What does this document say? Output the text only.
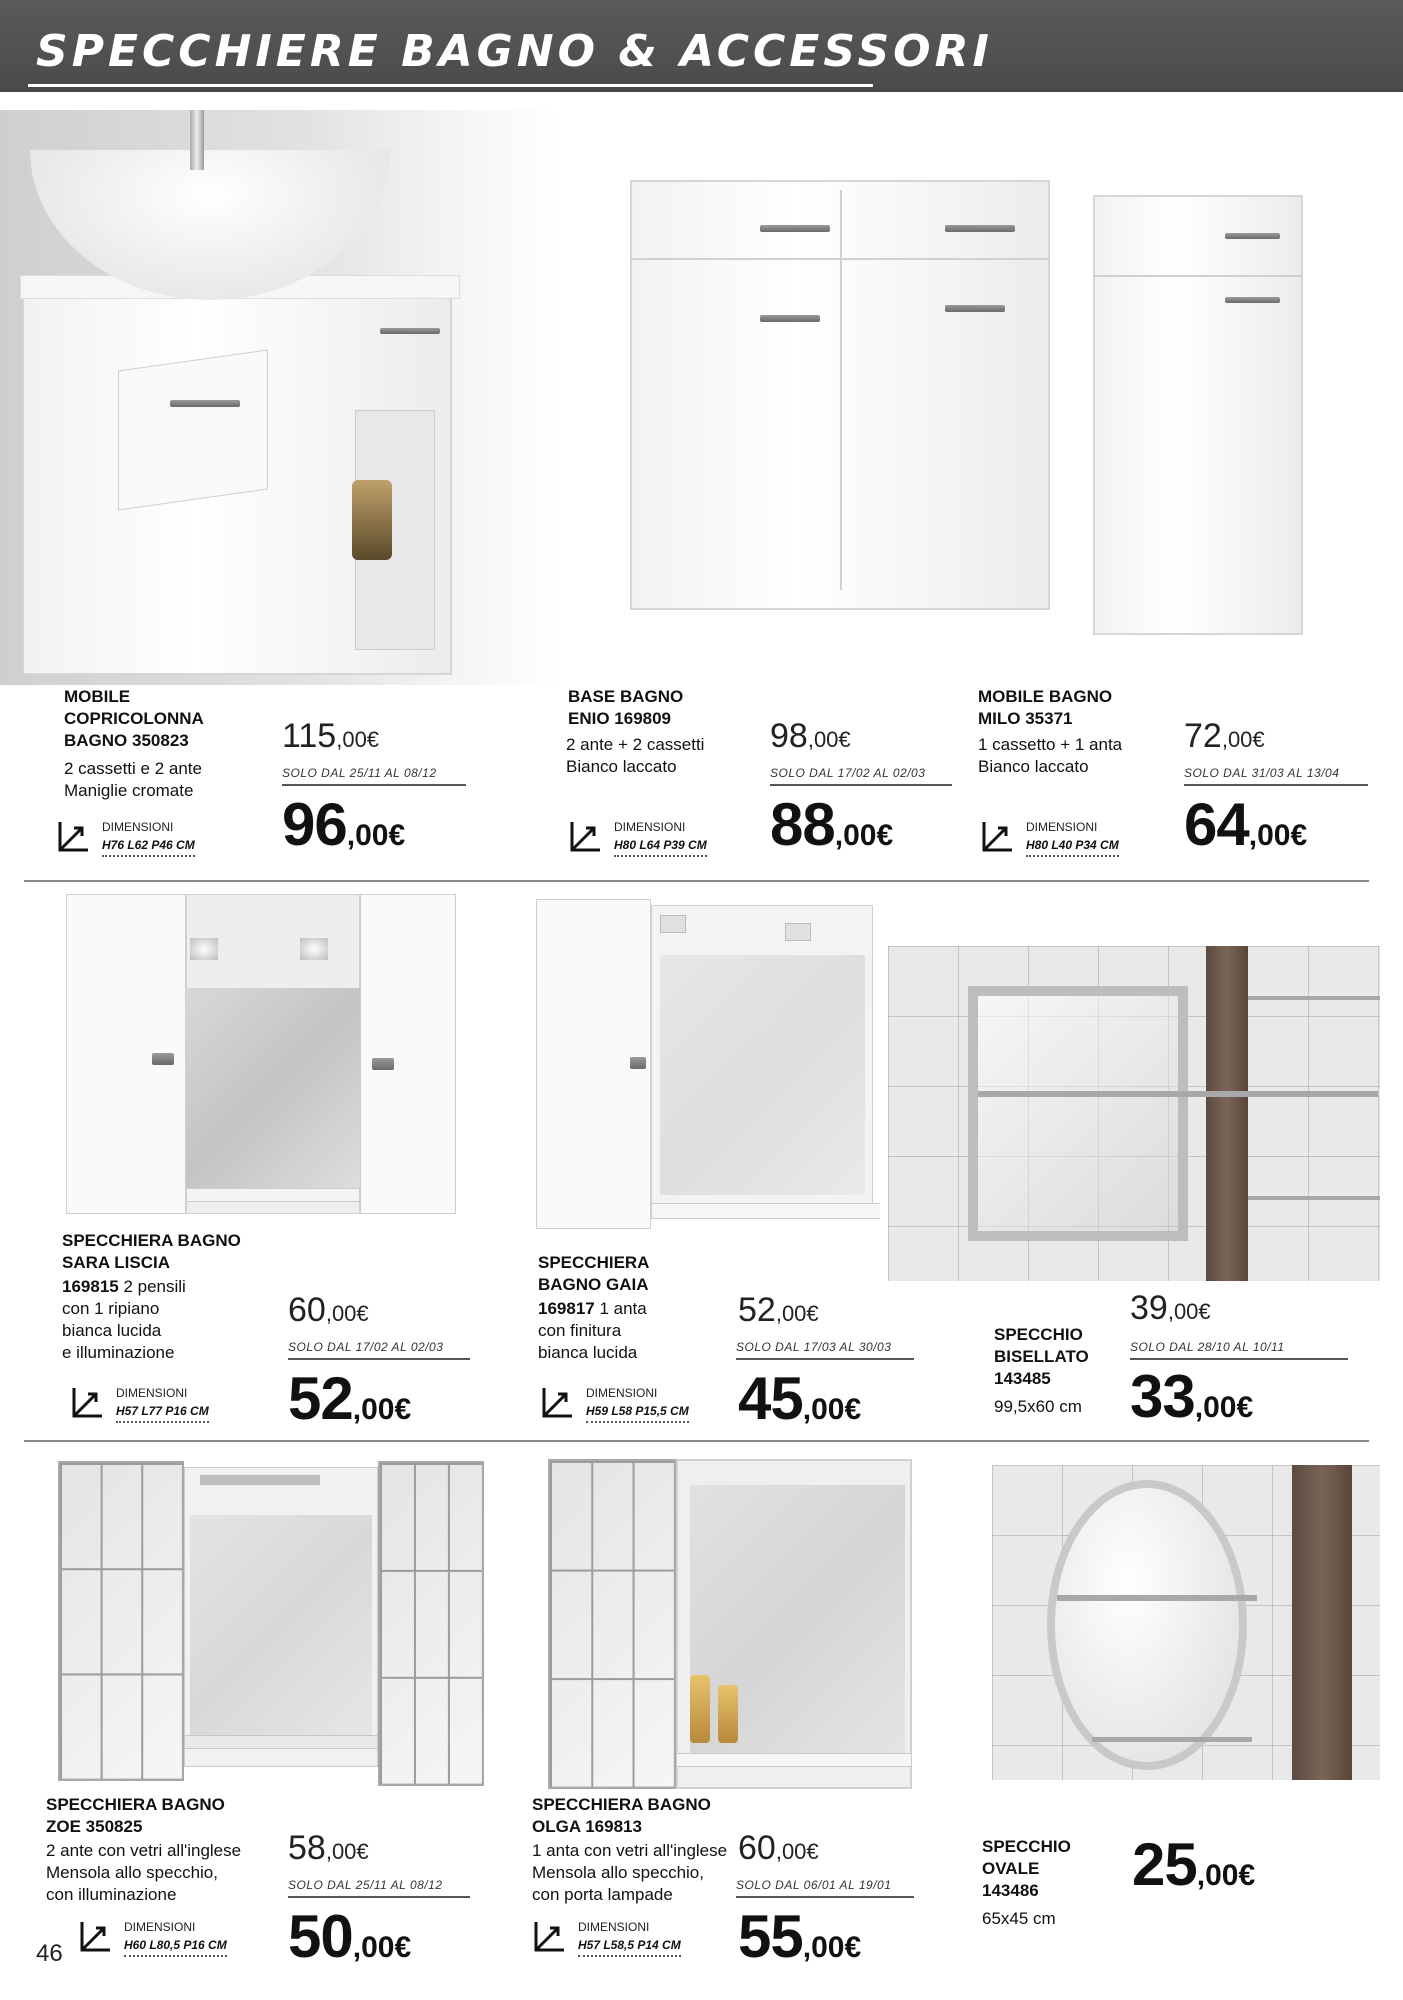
SPECCHIERE BAGNO & ACCESSORI
MOBILE
COPRICOLONNA
BAGNO 350823
2 cassetti e 2 ante
Maniglie cromate
DIMENSIONI
H76 L62 P46 CM
115,00€
SOLO DAL 25/11 AL 08/12
96,00€
BASE BAGNO
ENIO 169809
2 ante + 2 cassetti
Bianco laccato
DIMENSIONI
H80 L64 P39 CM
98,00€
SOLO DAL 17/02 AL 02/03
88,00€
MOBILE BAGNO
MILO 35371
1 cassetto + 1 anta
Bianco laccato
DIMENSIONI
H80 L40 P34 CM
72,00€
SOLO DAL 31/03 AL 13/04
64,00€
SPECCHIERA BAGNO
SARA LISCIA
169815 2 pensili
con 1 ripiano
bianca lucida
e illuminazione
DIMENSIONI
H57 L77 P16 CM
60,00€
SOLO DAL 17/02 AL 02/03
52,00€
SPECCHIERA
BAGNO GAIA
169817 1 anta
con finitura
bianca lucida
DIMENSIONI
H59 L58 P15,5 CM
52,00€
SOLO DAL 17/03 AL 30/03
45,00€
SPECCHIO
BISELLATO
143485
99,5x60 cm
39,00€
SOLO DAL 28/10 AL 10/11
33,00€
SPECCHIERA BAGNO
ZOE 350825
2 ante con vetri all'inglese
Mensola allo specchio,
con illuminazione
DIMENSIONI
H60 L80,5 P16 CM
58,00€
SOLO DAL 25/11 AL 08/12
50,00€
SPECCHIERA BAGNO
OLGA 169813
1 anta con vetri all'inglese
Mensola allo specchio,
con porta lampade
DIMENSIONI
H57 L58,5 P14 CM
60,00€
SOLO DAL 06/01 AL 19/01
55,00€
SPECCHIO
OVALE
143486
65x45 cm
25,00€
46
